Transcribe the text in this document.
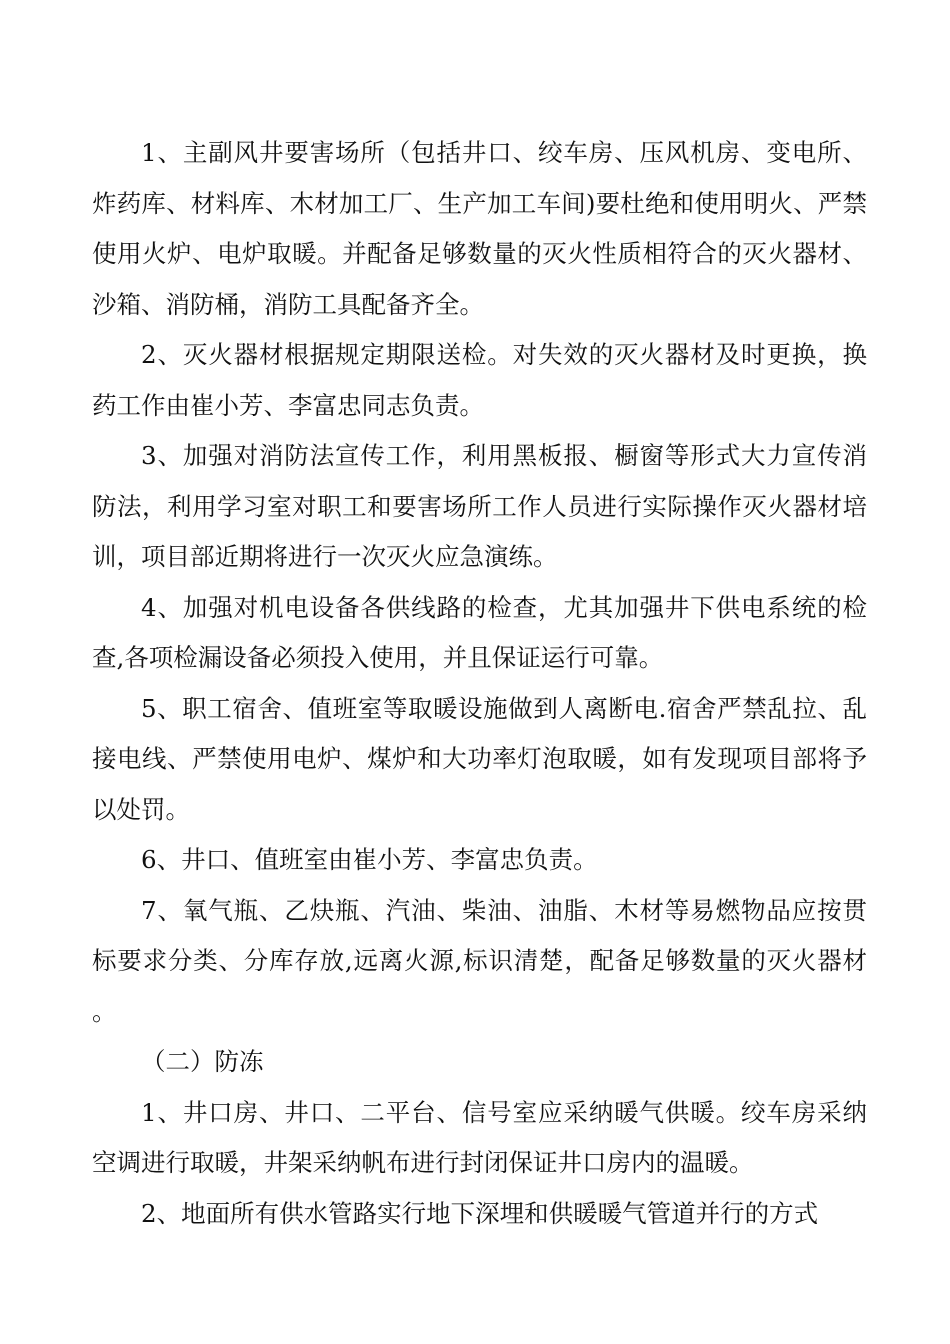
1、主副风井要害场所（包括井口、绞车房、压风机房、变电所、炸药库、材料库、木材加工厂、生产加工车间)要杜绝和使用明火、严禁使用火炉、电炉取暖。并配备足够数量的灭火性质相符合的灭火器材、沙箱、消防桶，消防工具配备齐全。

2、灭火器材根据规定期限送检。对失效的灭火器材及时更换，换药工作由崔小芳、李富忠同志负责。

3、加强对消防法宣传工作，利用黑板报、橱窗等形式大力宣传消防法，利用学习室对职工和要害场所工作人员进行实际操作灭火器材培训，项目部近期将进行一次灭火应急演练。

4、加强对机电设备各供线路的检查，尤其加强井下供电系统的检查,各项检漏设备必须投入使用，并且保证运行可靠。

5、职工宿舍、值班室等取暖设施做到人离断电.宿舍严禁乱拉、乱接电线、严禁使用电炉、煤炉和大功率灯泡取暖，如有发现项目部将予以处罚。

6、井口、值班室由崔小芳、李富忠负责。

7、氧气瓶、乙炔瓶、汽油、柴油、油脂、木材等易燃物品应按贯标要求分类、分库存放,远离火源,标识清楚，配备足够数量的灭火器材。

（二）防冻

1、井口房、井口、二平台、信号室应采纳暖气供暖。绞车房采纳空调进行取暖，井架采纳帆布进行封闭保证井口房内的温暖。

2、地面所有供水管路实行地下深埋和供暖暖气管道并行的方式
